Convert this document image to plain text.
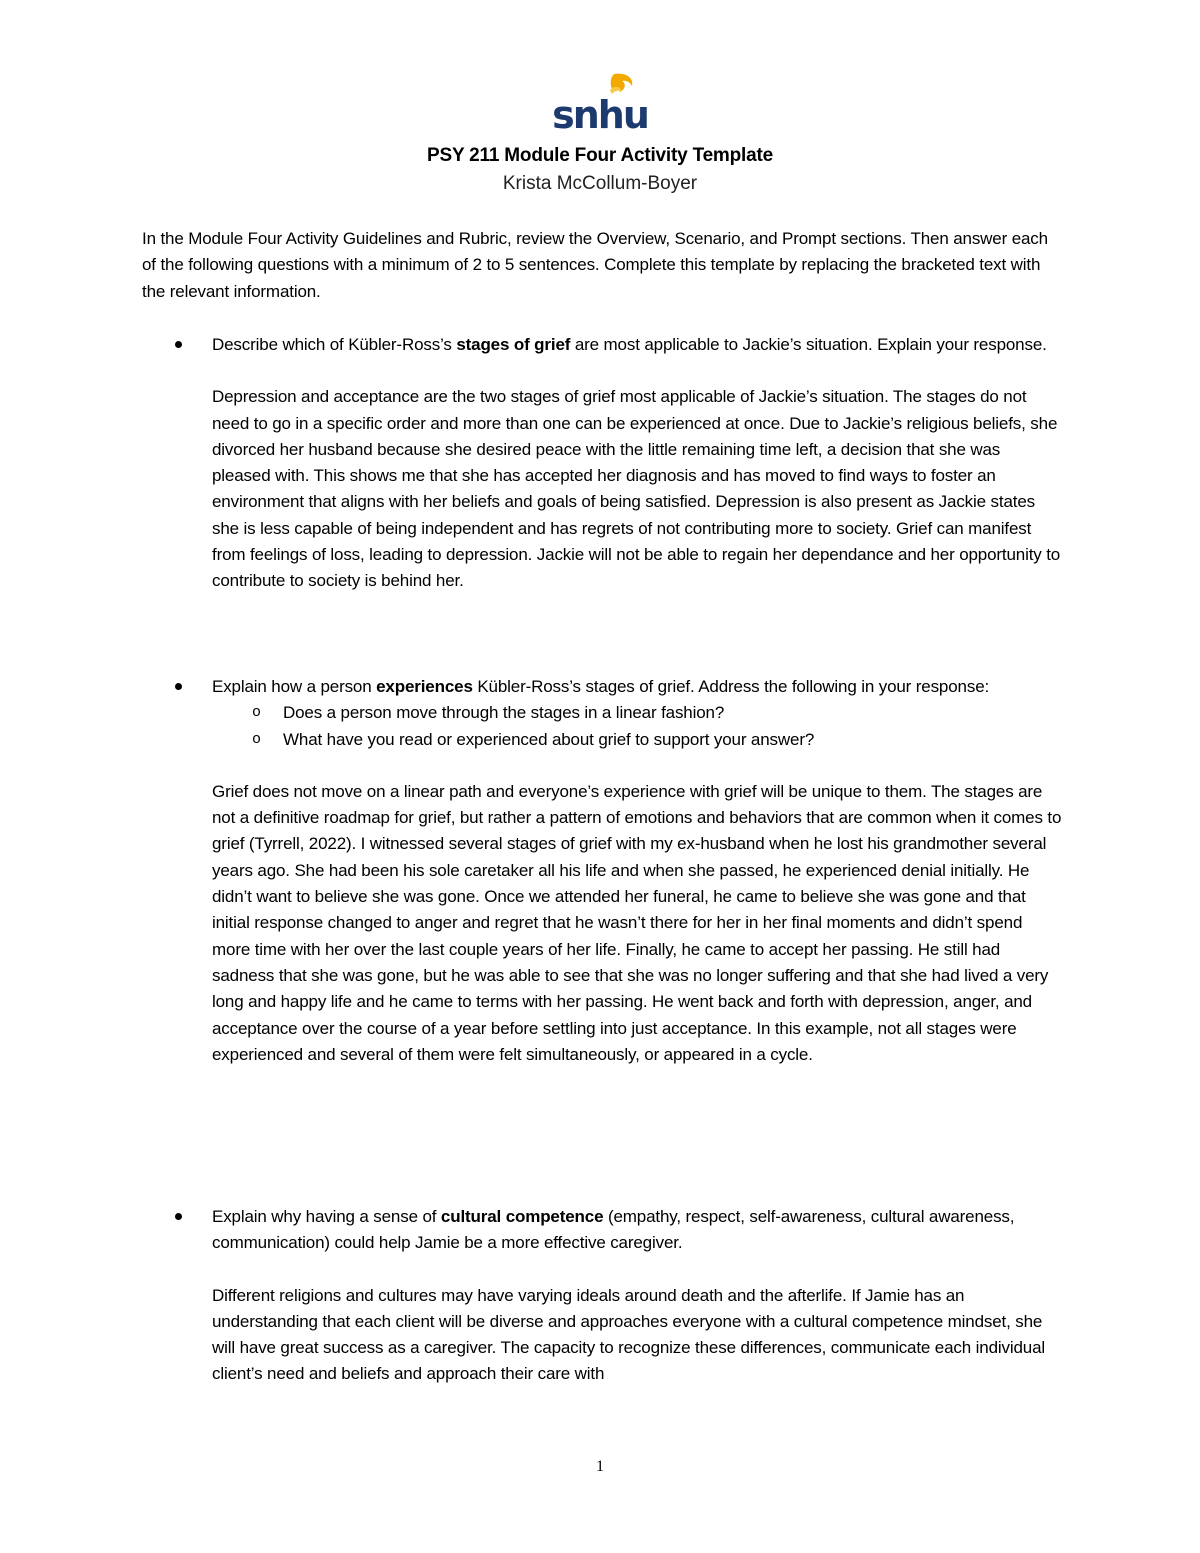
snhu
PSY 211 Module Four Activity Template
Krista McCollum-Boyer

In the Module Four Activity Guidelines and Rubric, review the Overview, Scenario, and Prompt sections. Then answer each of the following questions with a minimum of 2 to 5 sentences. Complete this template by replacing the bracketed text with the relevant information.

Describe which of Kübler-Ross’s stages of grief are most applicable to Jackie’s situation. Explain your response.
Depression and acceptance are the two stages of grief most applicable of Jackie’s situation. The stages do not need to go in a specific order and more than one can be experienced at once. Due to Jackie’s religious beliefs, she divorced her husband because she desired peace with the little remaining time left, a decision that she was pleased with. This shows me that she has accepted her diagnosis and has moved to find ways to foster an environment that aligns with her beliefs and goals of being satisfied. Depression is also present as Jackie states she is less capable of being independent and has regrets of not contributing more to society. Grief can manifest from feelings of loss, leading to depression. Jackie will not be able to regain her dependance and her opportunity to contribute to society is behind her.
Explain how a person experiences Kübler-Ross’s stages of grief. Address the following in your response:
o Does a person move through the stages in a linear fashion?
o What have you read or experienced about grief to support your answer?
Grief does not move on a linear path and everyone’s experience with grief will be unique to them. The stages are not a definitive roadmap for grief, but rather a pattern of emotions and behaviors that are common when it comes to grief (Tyrrell, 2022). I witnessed several stages of grief with my ex-husband when he lost his grandmother several years ago. She had been his sole caretaker all his life and when she passed, he experienced denial initially. He didn’t want to believe she was gone. Once we attended her funeral, he came to believe she was gone and that initial response changed to anger and regret that he wasn’t there for her in her final moments and didn’t spend more time with her over the last couple years of her life. Finally, he came to accept her passing. He still had sadness that she was gone, but he was able to see that she was no longer suffering and that she had lived a very long and happy life and he came to terms with her passing. He went back and forth with depression, anger, and acceptance over the course of a year before settling into just acceptance. In this example, not all stages were experienced and several of them were felt simultaneously, or appeared in a cycle.
Explain why having a sense of cultural competence (empathy, respect, self-awareness, cultural awareness, communication) could help Jamie be a more effective caregiver.
Different religions and cultures may have varying ideals around death and the afterlife. If Jamie has an understanding that each client will be diverse and approaches everyone with a cultural competence mindset, she will have great success as a caregiver. The capacity to recognize these differences, communicate each individual client’s need and beliefs and approach their care with
1
